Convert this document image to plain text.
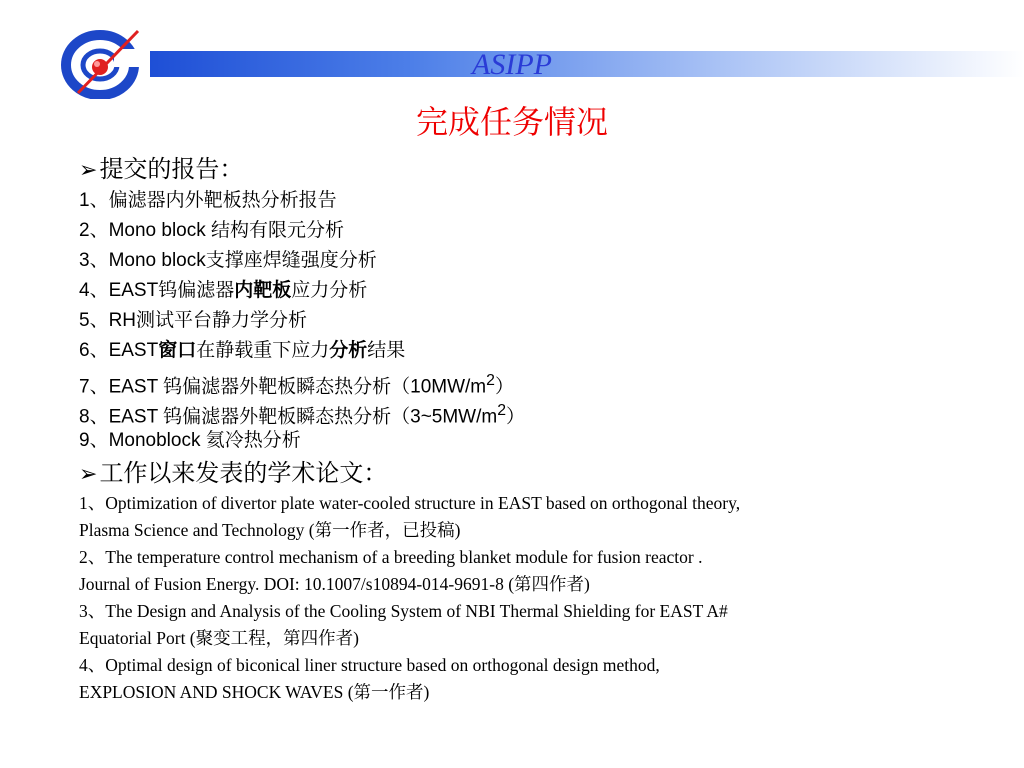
ASIPP
完成任务情况
➢提交的报告：
1、偏滤器内外靶板热分析报告
2、Mono block 结构有限元分析
3、Mono block支撑座焊缝强度分析
4、EAST钨偏滤器内靶板应力分析
5、RH测试平台静力学分析
6、EAST窗口在静载重下应力分析结果
7、EAST 钨偏滤器外靶板瞬态热分析$(10MW/m^2)$
8、EAST 钨偏滤器外靶板瞬态热分析$(3\sim 5MW/m^2)$
9、Monoblock 氦冷热分析
➢工作以来发表的学术论文：
1、Optimization of divertor plate water-cooled structure in EAST based on orthogonal theory,
Plasma Science and Technology (第一作者，已投稿)
2、The temperature control mechanism of a breeding blanket module for fusion reactor .
Journal of Fusion Energy. DOI: 10.1007/s10894-014-9691-8 (第四作者)
3、The Design and Analysis of the Cooling System of NBI Thermal Shielding for EAST A#
Equatorial Port (聚变工程，第四作者)
4、Optimal design of biconical liner structure based on orthogonal design method,
EXPLOSION AND SHOCK WAVES (第一作者)
